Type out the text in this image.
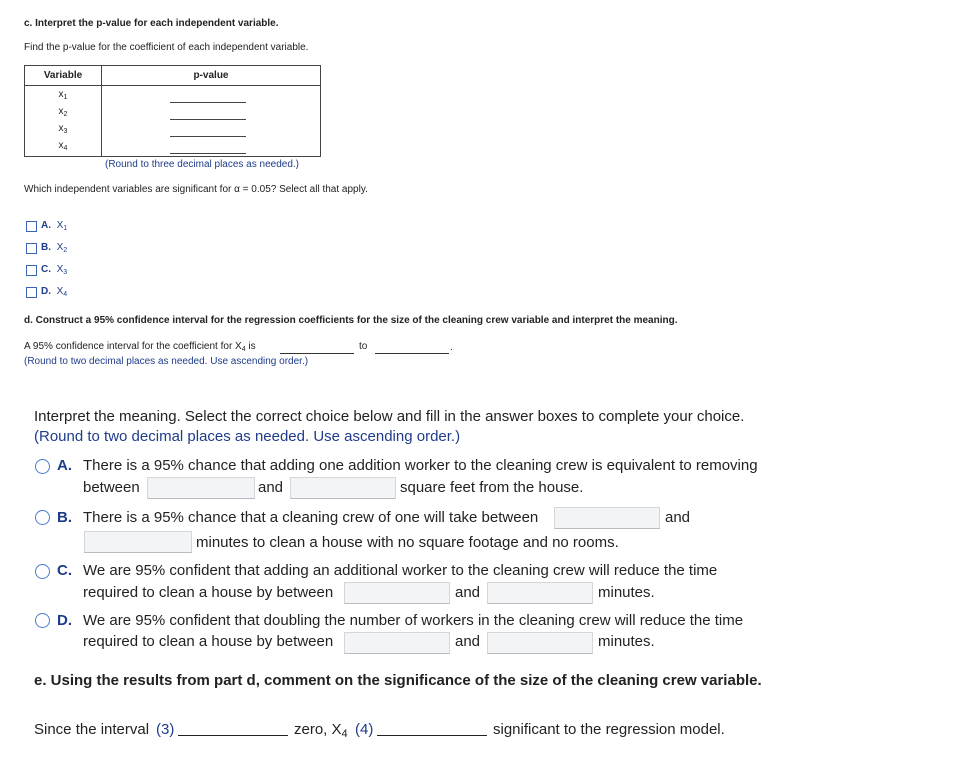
c. Interpret the p-value for each independent variable.
Find the p-value for the coefficient of each independent variable.
Variable	p-value

$x_1$
$x_2$
$x_3$
$x_4$

(Round to three decimal places as needed.)
Which independent variables are significant for α = 0.05? Select all that apply.
A. $X_1$
B. $X_2$
C. $X_3$
D. $X_4$
d. Construct a 95% confidence interval for the regression coefficients for the size of the cleaning crew variable and interpret the meaning.
A 95% confidence interval for the coefficient for $X_4$ is	to	.
(Round to two decimal places as needed. Use ascending order.)
Interpret the meaning. Select the correct choice below and fill in the answer boxes to complete your choice.
(Round to two decimal places as needed. Use ascending order.)
A. There is a 95% chance that adding one addition worker to the cleaning crew is equivalent to removing
between	and	square feet from the house.
B. There is a 95% chance that a cleaning crew of one will take between	and
minutes to clean a house with no square footage and no rooms.
C. We are 95% confident that adding an additional worker to the cleaning crew will reduce the time
required to clean a house by between	and	minutes.
D. We are 95% confident that doubling the number of workers in the cleaning crew will reduce the time
required to clean a house by between	and	minutes.
e. Using the results from part d, comment on the significance of the size of the cleaning crew variable.
Since the interval (3)	zero, $X_4$ (4)	significant to the regression model.
